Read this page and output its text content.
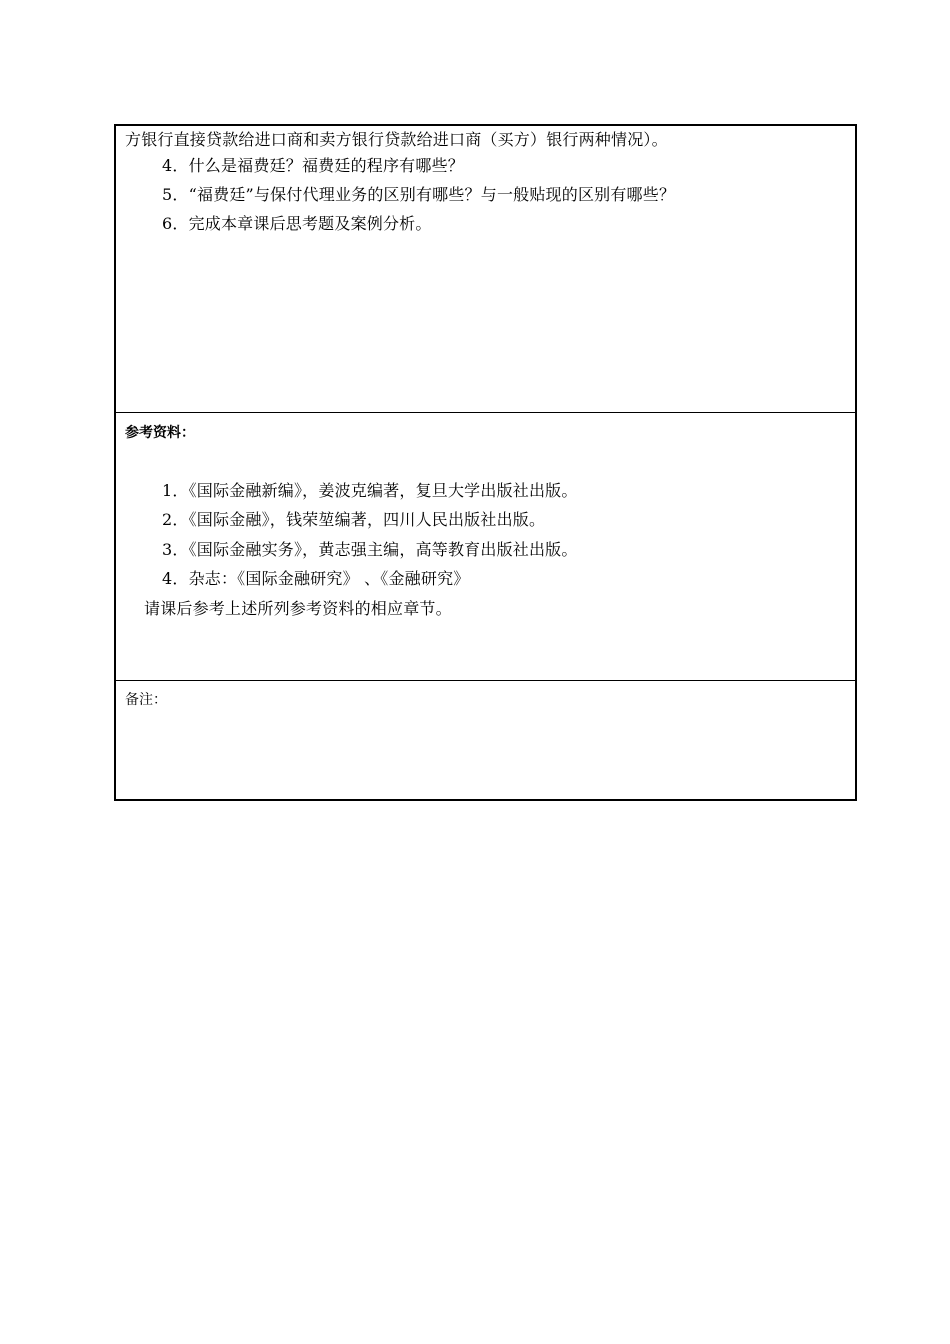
方银行直接贷款给进口商和卖方银行贷款给进口商（买方）银行两种情况）。
4．什么是福费廷？福费廷的程序有哪些？
5．“福费廷”与保付代理业务的区别有哪些？与一般贴现的区别有哪些？
6．完成本章课后思考题及案例分析。
参考资料：
1．《国际金融新编》，姜波克编著，复旦大学出版社出版。
2．《国际金融》，钱荣堃编著，四川人民出版社出版。
3．《国际金融实务》，黄志强主编，高等教育出版社出版。
4．杂志：《国际金融研究》 、《金融研究》
请课后参考上述所列参考资料的相应章节。
备注：
